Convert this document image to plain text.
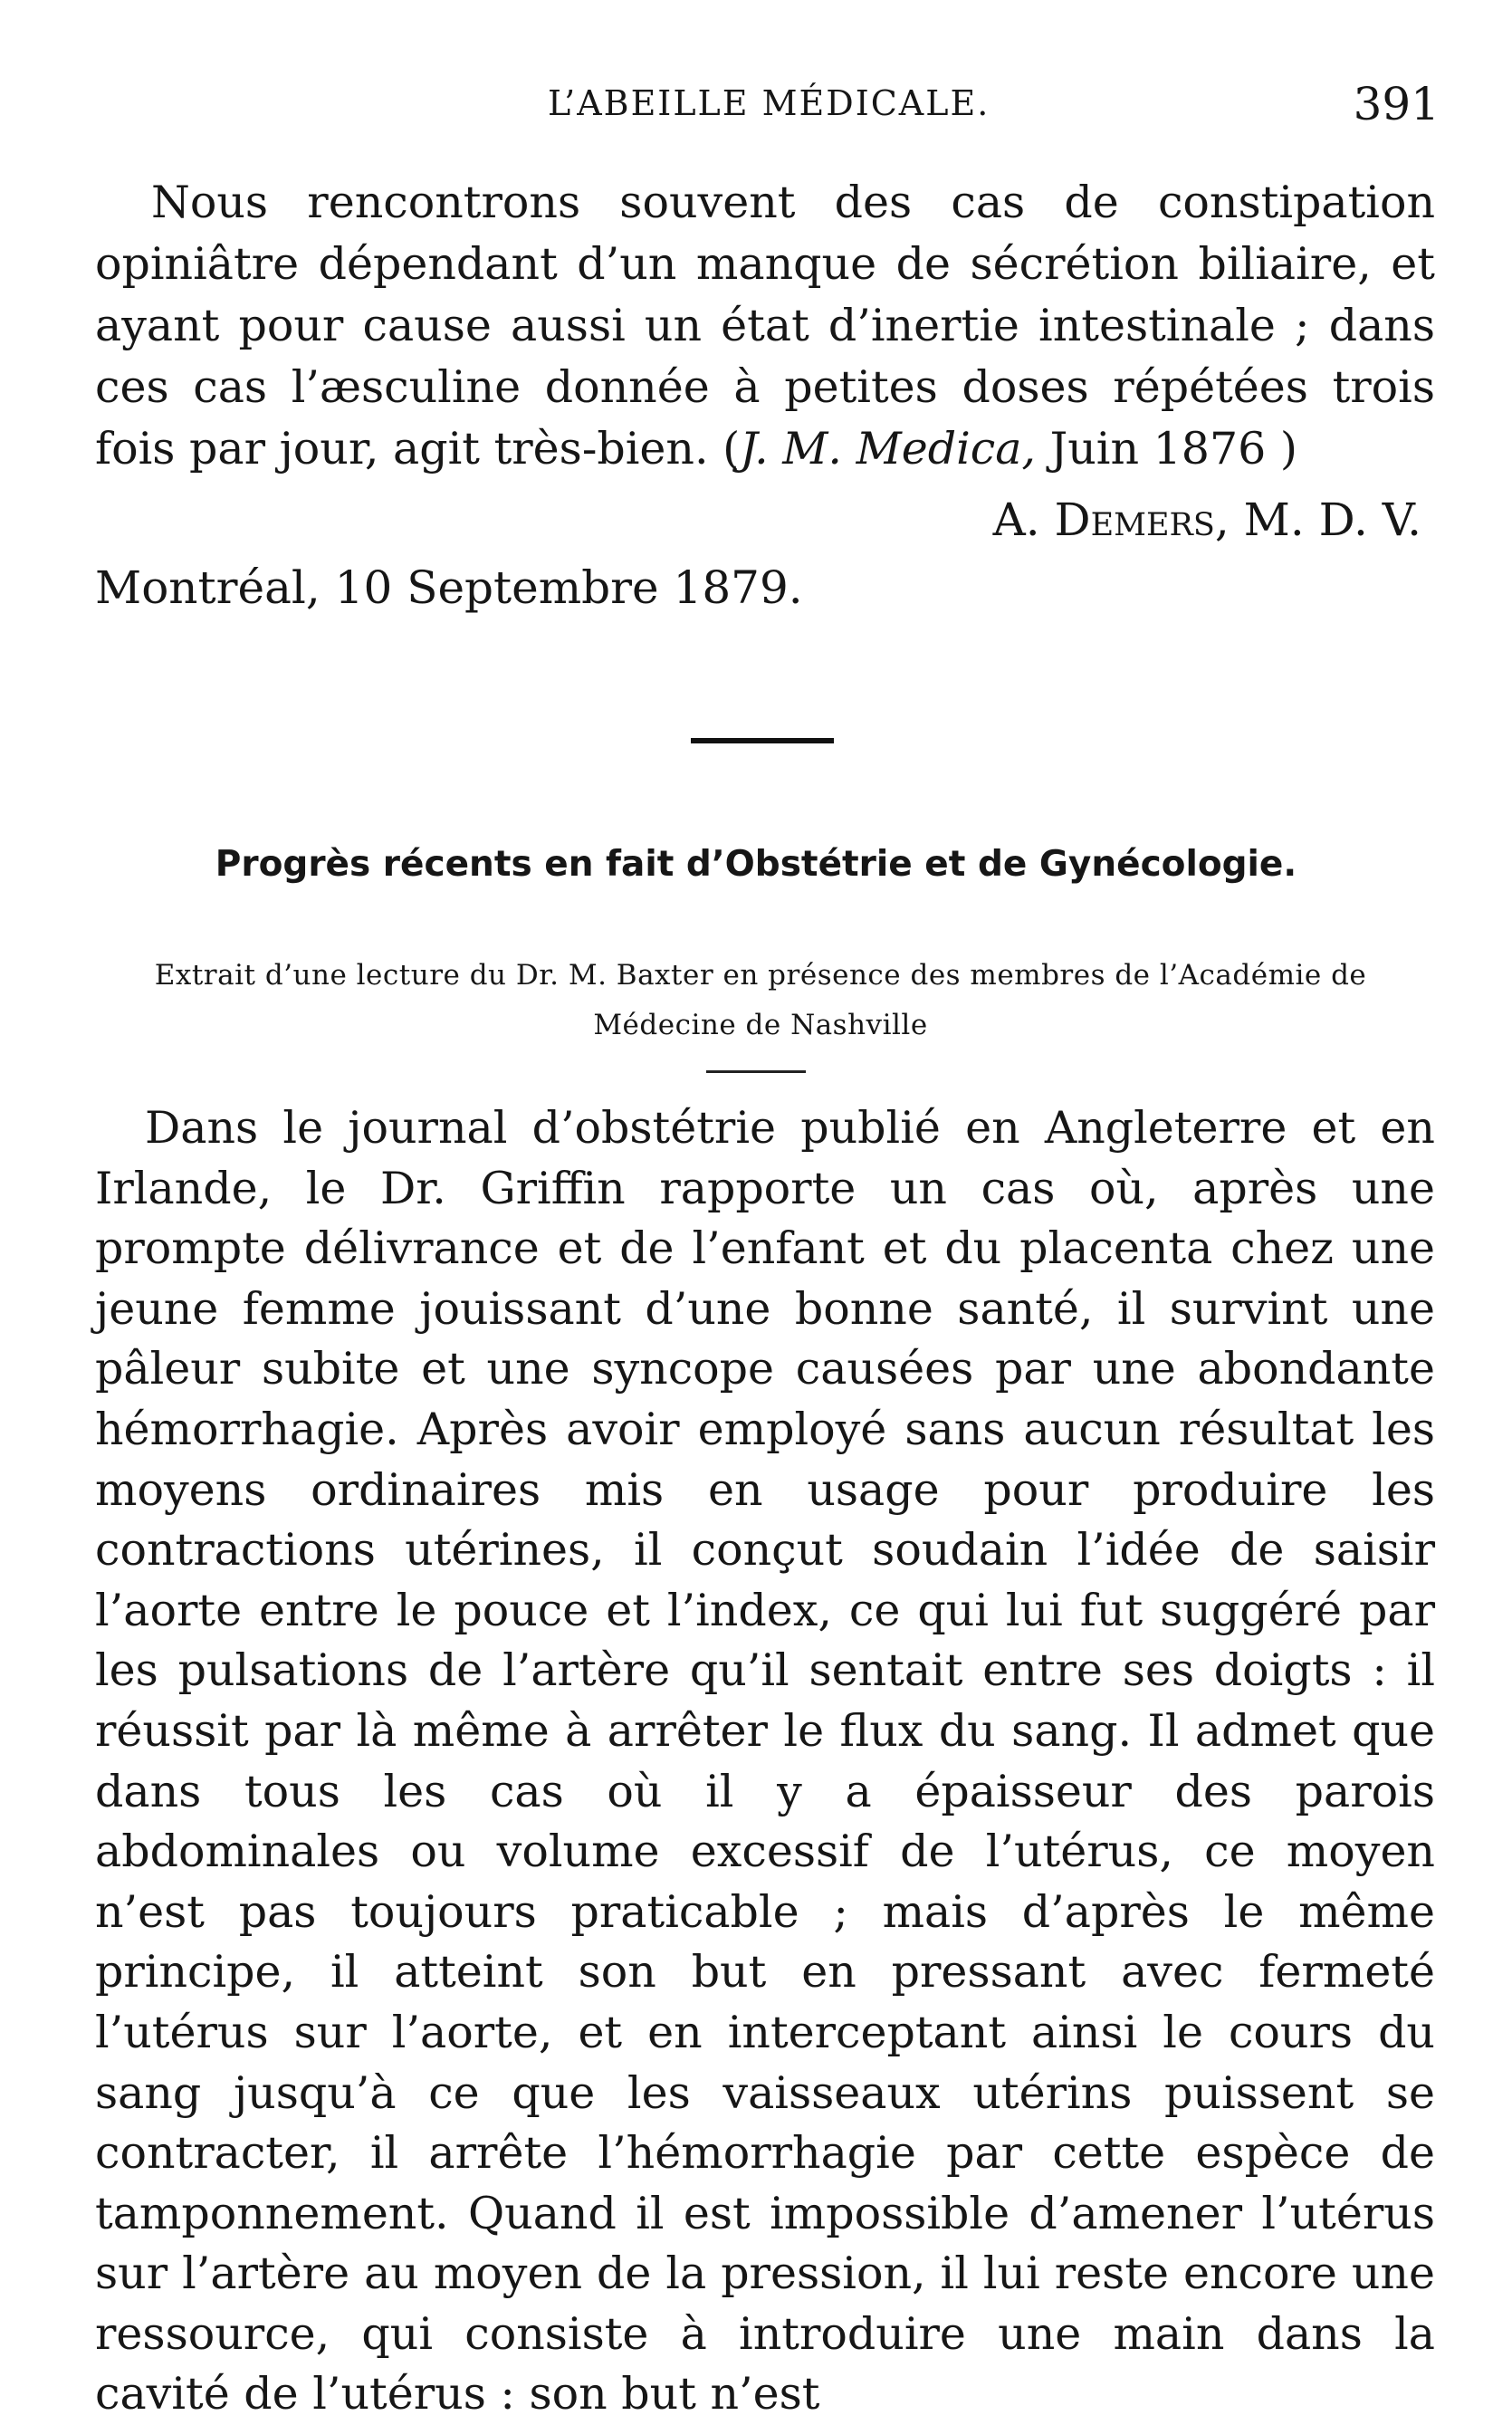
L’ABEILLE MÉDICALE.	391

Nous rencontrons souvent des cas de constipation opiniâtre dépendant d’un manque de sécrétion biliaire, et ayant pour cause aussi un état d’inertie intestinale ; dans ces cas l’æsculine donnée à petites doses répétées trois fois par jour, agit très-bien. (J. M. Medica, Juin 1876 )

A. Demers, M. D. V.
Montréal, 10 Septembre 1879.
Progrès récents en fait d’Obstétrie et de Gynécologie.
Extrait d’une lecture du Dr. M. Baxter en présence des membres de l’Académie de Médecine de Nashville

Dans le journal d’obstétrie publié en Angleterre et en Irlande, le Dr. Griffin rapporte un cas où, après une prompte délivrance et de l’enfant et du placenta chez une jeune femme jouissant d’une bonne santé, il survint une pâleur subite et une syncope causées par une abondante hémorrhagie. Après avoir employé sans aucun résultat les moyens ordinaires mis en usage pour produire les contractions utérines, il conçut soudain l’idée de saisir l’aorte entre le pouce et l’index, ce qui lui fut suggéré par les pulsations de l’artère qu’il sentait entre ses doigts : il réussit par là même à arrêter le flux du sang. Il admet que dans tous les cas où il y a épaisseur des parois abdominales ou volume excessif de l’utérus, ce moyen n’est pas toujours praticable ; mais d’après le même principe, il atteint son but en pressant avec fermeté l’utérus sur l’aorte, et en interceptant ainsi le cours du sang jusqu’à ce que les vaisseaux utérins puissent se contracter, il arrête l’hémorrhagie par cette espèce de tamponnement. Quand il est impossible d’amener l’utérus sur l’artère au moyen de la pression, il lui reste encore une ressource, qui consiste à introduire une main dans la cavité de l’utérus : son but n’est
